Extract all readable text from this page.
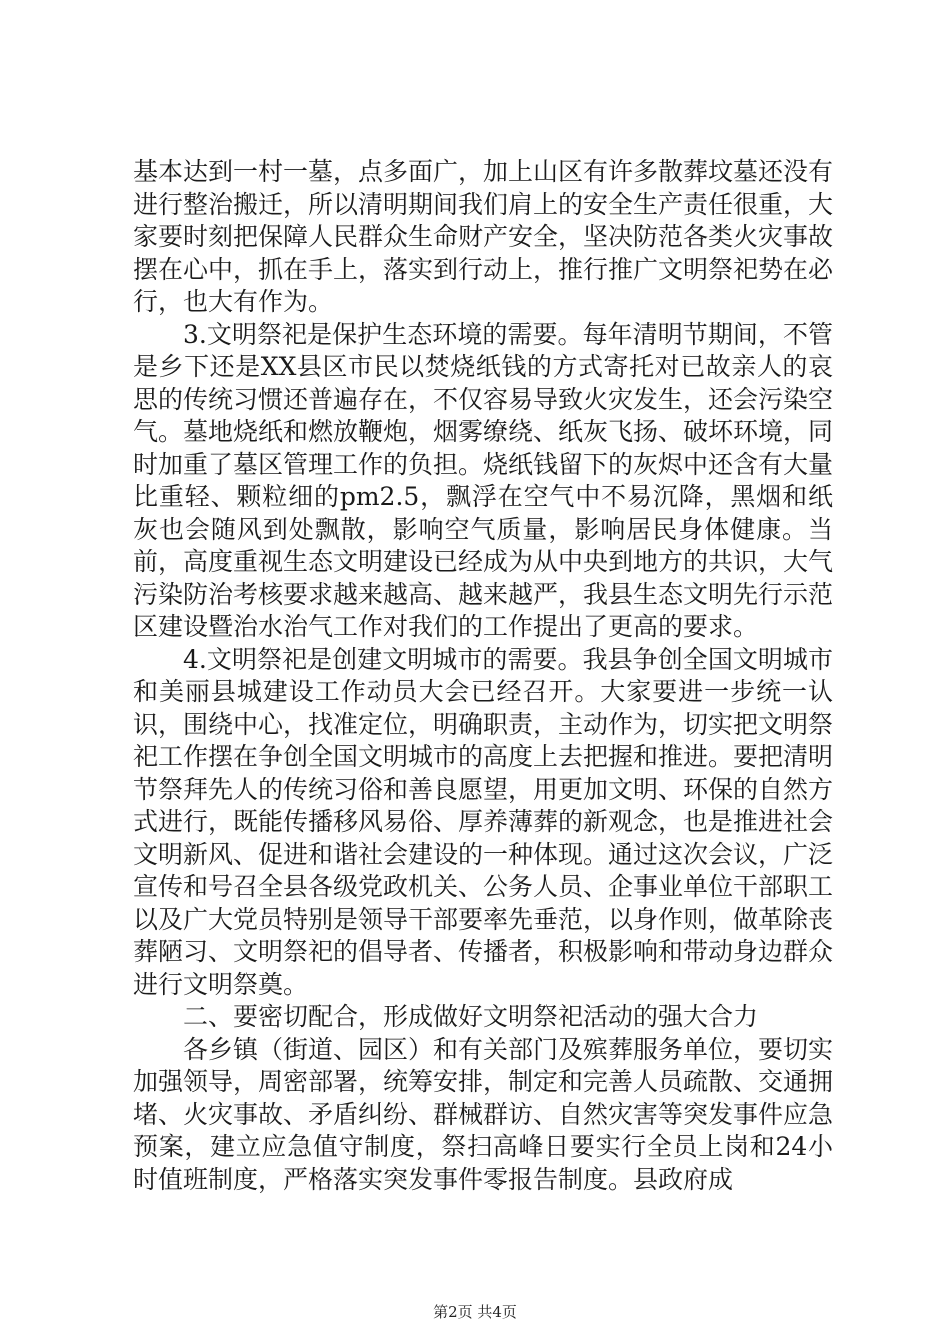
基本达到一村一墓，点多面广，加上山区有许多散葬坟墓还没有进行整治搬迁，所以清明期间我们肩上的安全生产责任很重，大家要时刻把保障人民群众生命财产安全，坚决防范各类火灾事故摆在心中，抓在手上，落实到行动上，推行推广文明祭祀势在必行，也大有作为。

3.文明祭祀是保护生态环境的需要。每年清明节期间，不管是乡下还是XX县区市民以焚烧纸钱的方式寄托对已故亲人的哀思的传统习惯还普遍存在，不仅容易导致火灾发生，还会污染空气。墓地烧纸和燃放鞭炮，烟雾缭绕、纸灰飞扬、破坏环境，同时加重了墓区管理工作的负担。烧纸钱留下的灰烬中还含有大量比重轻、颗粒细的pm2.5，飘浮在空气中不易沉降，黑烟和纸灰也会随风到处飘散，影响空气质量，影响居民身体健康。当前，高度重视生态文明建设已经成为从中央到地方的共识，大气污染防治考核要求越来越高、越来越严，我县生态文明先行示范区建设暨治水治气工作对我们的工作提出了更高的要求。

4.文明祭祀是创建文明城市的需要。我县争创全国文明城市和美丽县城建设工作动员大会已经召开。大家要进一步统一认识，围绕中心，找准定位，明确职责，主动作为，切实把文明祭祀工作摆在争创全国文明城市的高度上去把握和推进。要把清明节祭拜先人的传统习俗和善良愿望，用更加文明、环保的自然方式进行，既能传播移风易俗、厚养薄葬的新观念，也是推进社会文明新风、促进和谐社会建设的一种体现。通过这次会议，广泛宣传和号召全县各级党政机关、公务人员、企事业单位干部职工以及广大党员特别是领导干部要率先垂范，以身作则，做革除丧葬陋习、文明祭祀的倡导者、传播者，积极影响和带动身边群众进行文明祭奠。

二、要密切配合，形成做好文明祭祀活动的强大合力

各乡镇（街道、园区）和有关部门及殡葬服务单位，要切实加强领导，周密部署，统筹安排，制定和完善人员疏散、交通拥堵、火灾事故、矛盾纠纷、群械群访、自然灾害等突发事件应急预案，建立应急值守制度，祭扫高峰日要实行全员上岗和24小时值班制度，严格落实突发事件零报告制度。县政府成

第2页 共4页
